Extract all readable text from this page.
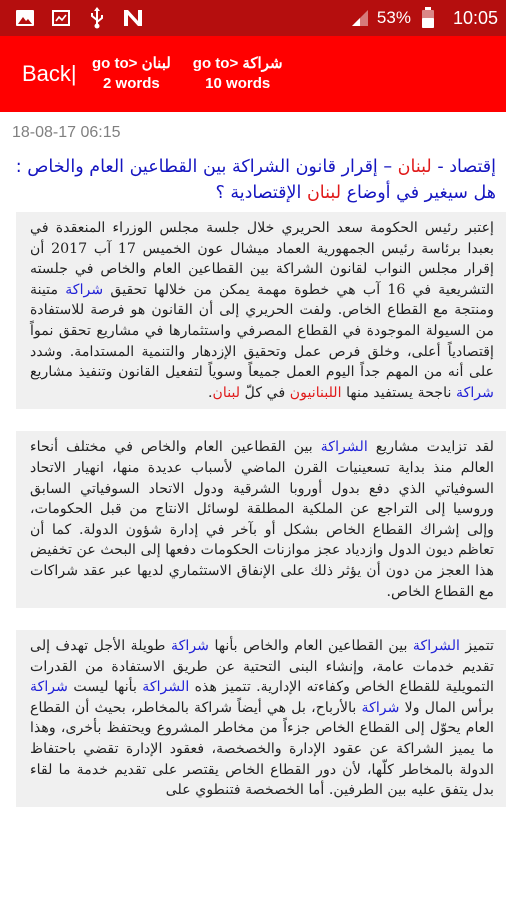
53% 10:05
Back|	go to> لبنان
2 words
go to> شراكة
10 words
18-08-17 06:15
إقتصاد - لبنان – إقرار قانون الشراكة بين القطاعين العام والخاص : هل سيغير في أوضاع لبنان الإقتصادية ؟
إعتبر رئيس الحكومة سعد الحريري خلال جلسة مجلس الوزراء المنعقدة في بعبدا برئاسة رئيس الجمهورية العماد ميشال عون الخميس 17 آب 2017 أن إقرار مجلس النواب لقانون الشراكة بين القطاعين العام والخاص في جلسته التشريعية في 16 آب هي خطوة مهمة يمكن من خلالها تحقيق شراكة متينة ومنتجة مع القطاع الخاص. ولفت الحريري إلى أن القانون هو فرصة للاستفادة من السيولة الموجودة في القطاع المصرفي واستثمارها في مشاريع تحقق نمواً إقتصادياً أعلى، وخلق فرص عمل وتحقيق الإزدهار والتنمية المستدامة. وشدد على أنه من المهم جداً اليوم العمل جميعاً وسوياً لتفعيل القانون وتنفيذ مشاريع شراكة ناجحة يستفيد منها اللبنانيون في كلّ لبنان.
لقد تزايدت مشاريع الشراكة بين القطاعين العام والخاص في مختلف أنحاء العالم منذ بداية تسعينيات القرن الماضي لأسباب عديدة منها، انهيار الاتحاد السوفياتي الذي دفع بدول أوروبا الشرقية ودول الاتحاد السوفياتي السابق وروسيا إلى التراجع عن الملكية المطلقة لوسائل الانتاج من قبل الحكومات، وإلى إشراك القطاع الخاص بشكل أو بآخر في إدارة شؤون الدولة. كما أن تعاظم ديون الدول وازدياد عجز موازنات الحكومات دفعها إلى البحث عن تخفيض هذا العجز من دون أن يؤثر ذلك على الإنفاق الاستثماري لديها عبر عقد شراكات مع القطاع الخاص.
تتميز الشراكة بين القطاعين العام والخاص بأنها شراكة طويلة الأجل تهدف إلى تقديم خدمات عامة، وإنشاء البنى التحتية عن طريق الاستفادة من القدرات التمويلية للقطاع الخاص وكفاءته الإدارية. تتميز هذه الشراكة بأنها ليست شراكة برأس المال ولا شراكة بالأرباح، بل هي أيضاً شراكة بالمخاطر، بحيث أن القطاع العام يحوّل إلى القطاع الخاص جزءاً من مخاطر المشروع ويحتفظ بأخرى، وهذا ما يميز الشراكة عن عقود الإدارة والخصخصة، فعقود الإدارة تقضي باحتفاظ الدولة بالمخاطر كلّها، لأن دور القطاع الخاص يقتصر على تقديم خدمة ما لقاء بدل يتفق عليه بين الطرفين. أما الخصخصة فتنطوي على
